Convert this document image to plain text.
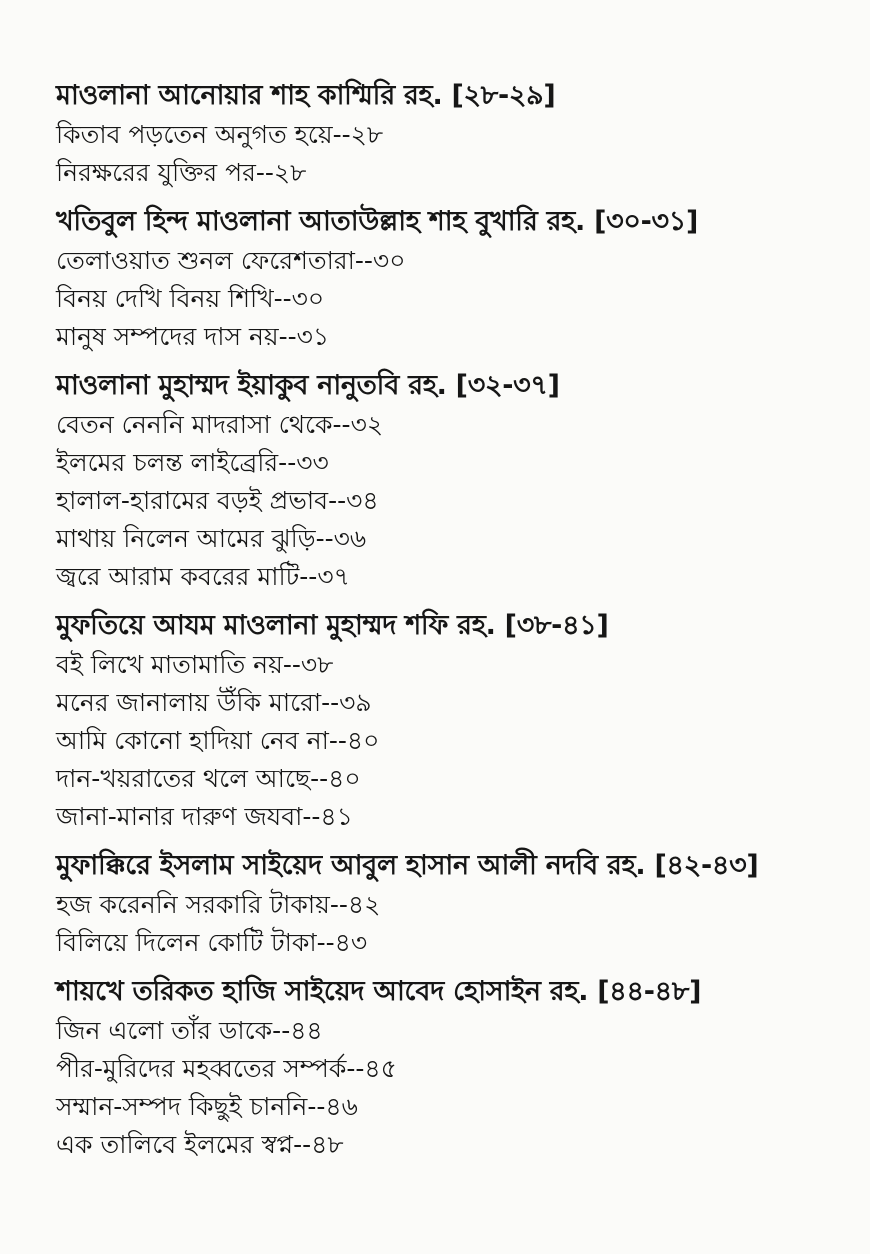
মাওলানা আনোয়ার শাহ কাশ্মিরি রহ. [২৮-২৯]
কিতাব পড়তেন অনুগত হয়ে--২৮
নিরক্ষরের যুক্তির পর--২৮
খতিবুল হিন্দ মাওলানা আতাউল্লাহ শাহ বুখারি রহ. [৩০-৩১]
তেলাওয়াত শুনল ফেরেশতারা--৩০
বিনয় দেখি বিনয় শিখি--৩০
মানুষ সম্পদের দাস নয়--৩১
মাওলানা মুহাম্মদ ইয়াকুব নানুতবি রহ. [৩২-৩৭]
বেতন নেননি মাদরাসা থেকে--৩২
ইলমের চলন্ত লাইব্রেরি--৩৩
হালাল-হারামের বড়ই প্রভাব--৩৪
মাথায় নিলেন আমের ঝুড়ি--৩৬
জ্বরে আরাম কবরের মাটি--৩৭
মুফতিয়ে আযম মাওলানা মুহাম্মদ শফি রহ. [৩৮-৪১]
বই লিখে মাতামাতি নয়--৩৮
মনের জানালায় উঁকি মারো--৩৯
আমি কোনো হাদিয়া নেব না--৪০
দান-খয়রাতের থলে আছে--৪০
জানা-মানার দারুণ জযবা--৪১
মুফাক্কিরে ইসলাম সাইয়েদ আবুল হাসান আলী নদবি রহ. [৪২-৪৩]
হজ করেননি সরকারি টাকায়--৪২
বিলিয়ে দিলেন কোটি টাকা--৪৩
শায়খে তরিকত হাজি সাইয়েদ আবেদ হোসাইন রহ. [৪৪-৪৮]
জিন এলো তাঁর ডাকে--৪৪
পীর-মুরিদের মহব্বতের সম্পর্ক--৪৫
সম্মান-সম্পদ কিছুই চাননি--৪৬
এক তালিবে ইলমের স্বপ্ন--৪৮
